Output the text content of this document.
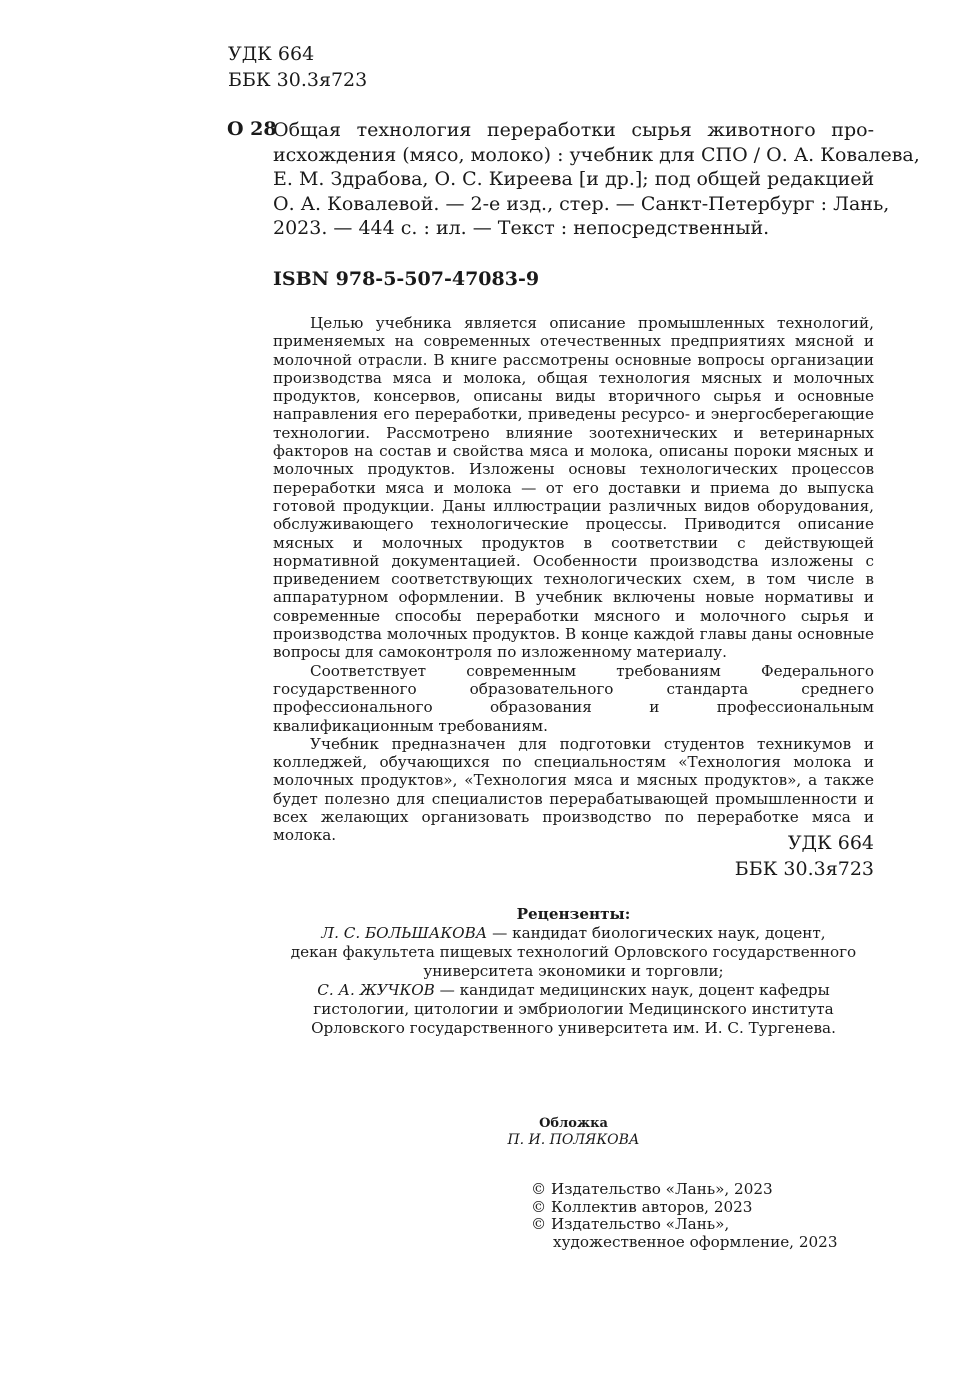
УДК 664
ББК 30.3я723
О 28
Общая технология переработки сырья животного про-
исхождения (мясо, молоко) : учебник для СПО / О. А. Ковалева,
Е. М. Здрабова, О. С. Киреева [и др.]; под общей редакцией
О. А. Ковалевой. — 2-е изд., стер. — Санкт-Петербург : Лань,
2023. — 444 с. : ил. — Текст : непосредственный.
ISBN 978-5-507-47083-9

Целью учебника является описание промышленных технологий, применяемых на современных отечественных предприятиях мясной и молочной отрасли. В книге рассмотрены основные вопросы организации производства мяса и молока, общая технология мясных и молочных продуктов, консервов, описаны виды вторичного сырья и основные направления его переработки, приведены ресурсо- и энергосберегающие технологии. Рассмотрено влияние зоотехнических и ветеринарных факторов на состав и свойства мяса и молока, описаны пороки мясных и молочных продуктов. Изложены основы технологических процессов переработки мяса и молока — от его доставки и приема до выпуска готовой продукции. Даны иллюстрации различных видов оборудования, обслуживающего технологические процессы. Приводится описание мясных и молочных продуктов в соответствии с действующей нормативной документацией. Особенности производства изложены с приведением соответствующих технологических схем, в том числе в аппаратурном оформлении. В учебник включены новые нормативы и современные способы переработки мясного и молочного сырья и производства молочных продуктов. В конце каждой главы даны основные вопросы для самоконтроля по изложенному материалу.

Соответствует современным требованиям Федерального государственного образовательного стандарта среднего профессионального образования и профессиональным квалификационным требованиям.

Учебник предназначен для подготовки студентов техникумов и колледжей, обучающихся по специальностям «Технология молока и молочных продуктов», «Технология мяса и мясных продуктов», а также будет полезно для специалистов перерабатывающей промышленности и всех желающих организовать производство по переработке мяса и молока.	УДК 664
ББК 30.3я723
Рецензенты:
Л. С. БОЛЬШАКОВА — кандидат биологических наук, доцент,
декан факультета пищевых технологий Орловского государственного
университета экономики и торговли;
С. А. ЖУЧКОВ — кандидат медицинских наук, доцент кафедры
гистологии, цитологии и эмбриологии Медицинского института
Орловского государственного университета им. И. С. Тургенева.
Обложка
П. И. ПОЛЯКОВА
© Издательство «Лань», 2023
© Коллектив авторов, 2023
© Издательство «Лань»,
художественное оформление, 2023
